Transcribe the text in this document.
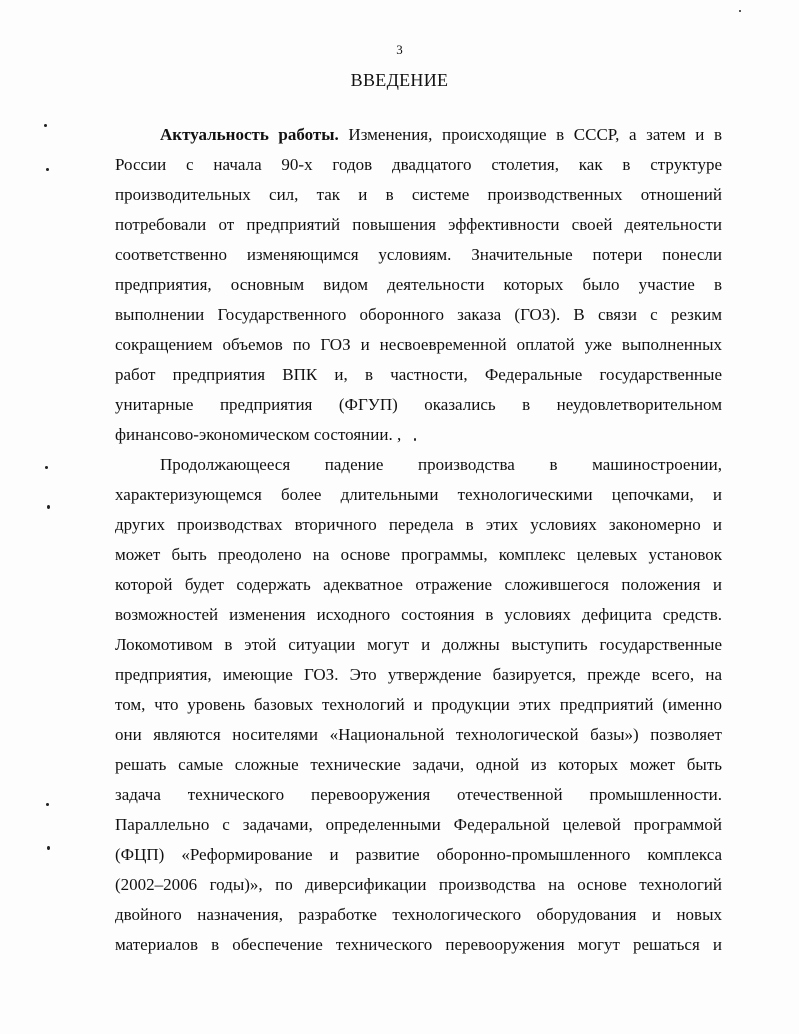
3
ВВЕДЕНИЕ
Актуальность работы. Изменения, происходящие в СССР, а затем и в
России с начала 90-х годов двадцатого столетия, как в структуре
производительных сил, так и в системе производственных отношений
потребовали от предприятий повышения эффективности своей деятельности
соответственно изменяющимся условиям. Значительные потери понесли
предприятия, основным видом деятельности которых было участие в
выполнении Государственного оборонного заказа (ГОЗ). В связи с резким
сокращением объемов по ГОЗ и несвоевременной оплатой уже выполненных
работ предприятия ВПК и, в частности, Федеральные государственные
унитарные предприятия (ФГУП) оказались в неудовлетворительном
финансово-экономическом состоянии. ,
Продолжающееся падение производства в машиностроении,
характеризующемся более длительными технологическими цепочками, и
других производствах вторичного передела в этих условиях закономерно и
может быть преодолено на основе программы, комплекс целевых установок
которой будет содержать адекватное отражение сложившегося положения и
возможностей изменения исходного состояния в условиях дефицита средств.
Локомотивом в этой ситуации могут и должны выступить государственные
предприятия, имеющие ГОЗ. Это утверждение базируется, прежде всего, на
том, что уровень базовых технологий и продукции этих предприятий (именно
они являются носителями «Национальной технологической базы») позволяет
решать самые сложные технические задачи, одной из которых может быть
задача технического перевооружения отечественной промышленности.
Параллельно с задачами, определенными Федеральной целевой программой
(ФЦП) «Реформирование и развитие оборонно-промышленного комплекса
(2002–2006 годы)», по диверсификации производства на основе технологий
двойного назначения, разработке технологического оборудования и новых
материалов в обеспечение технического перевооружения могут решаться и
